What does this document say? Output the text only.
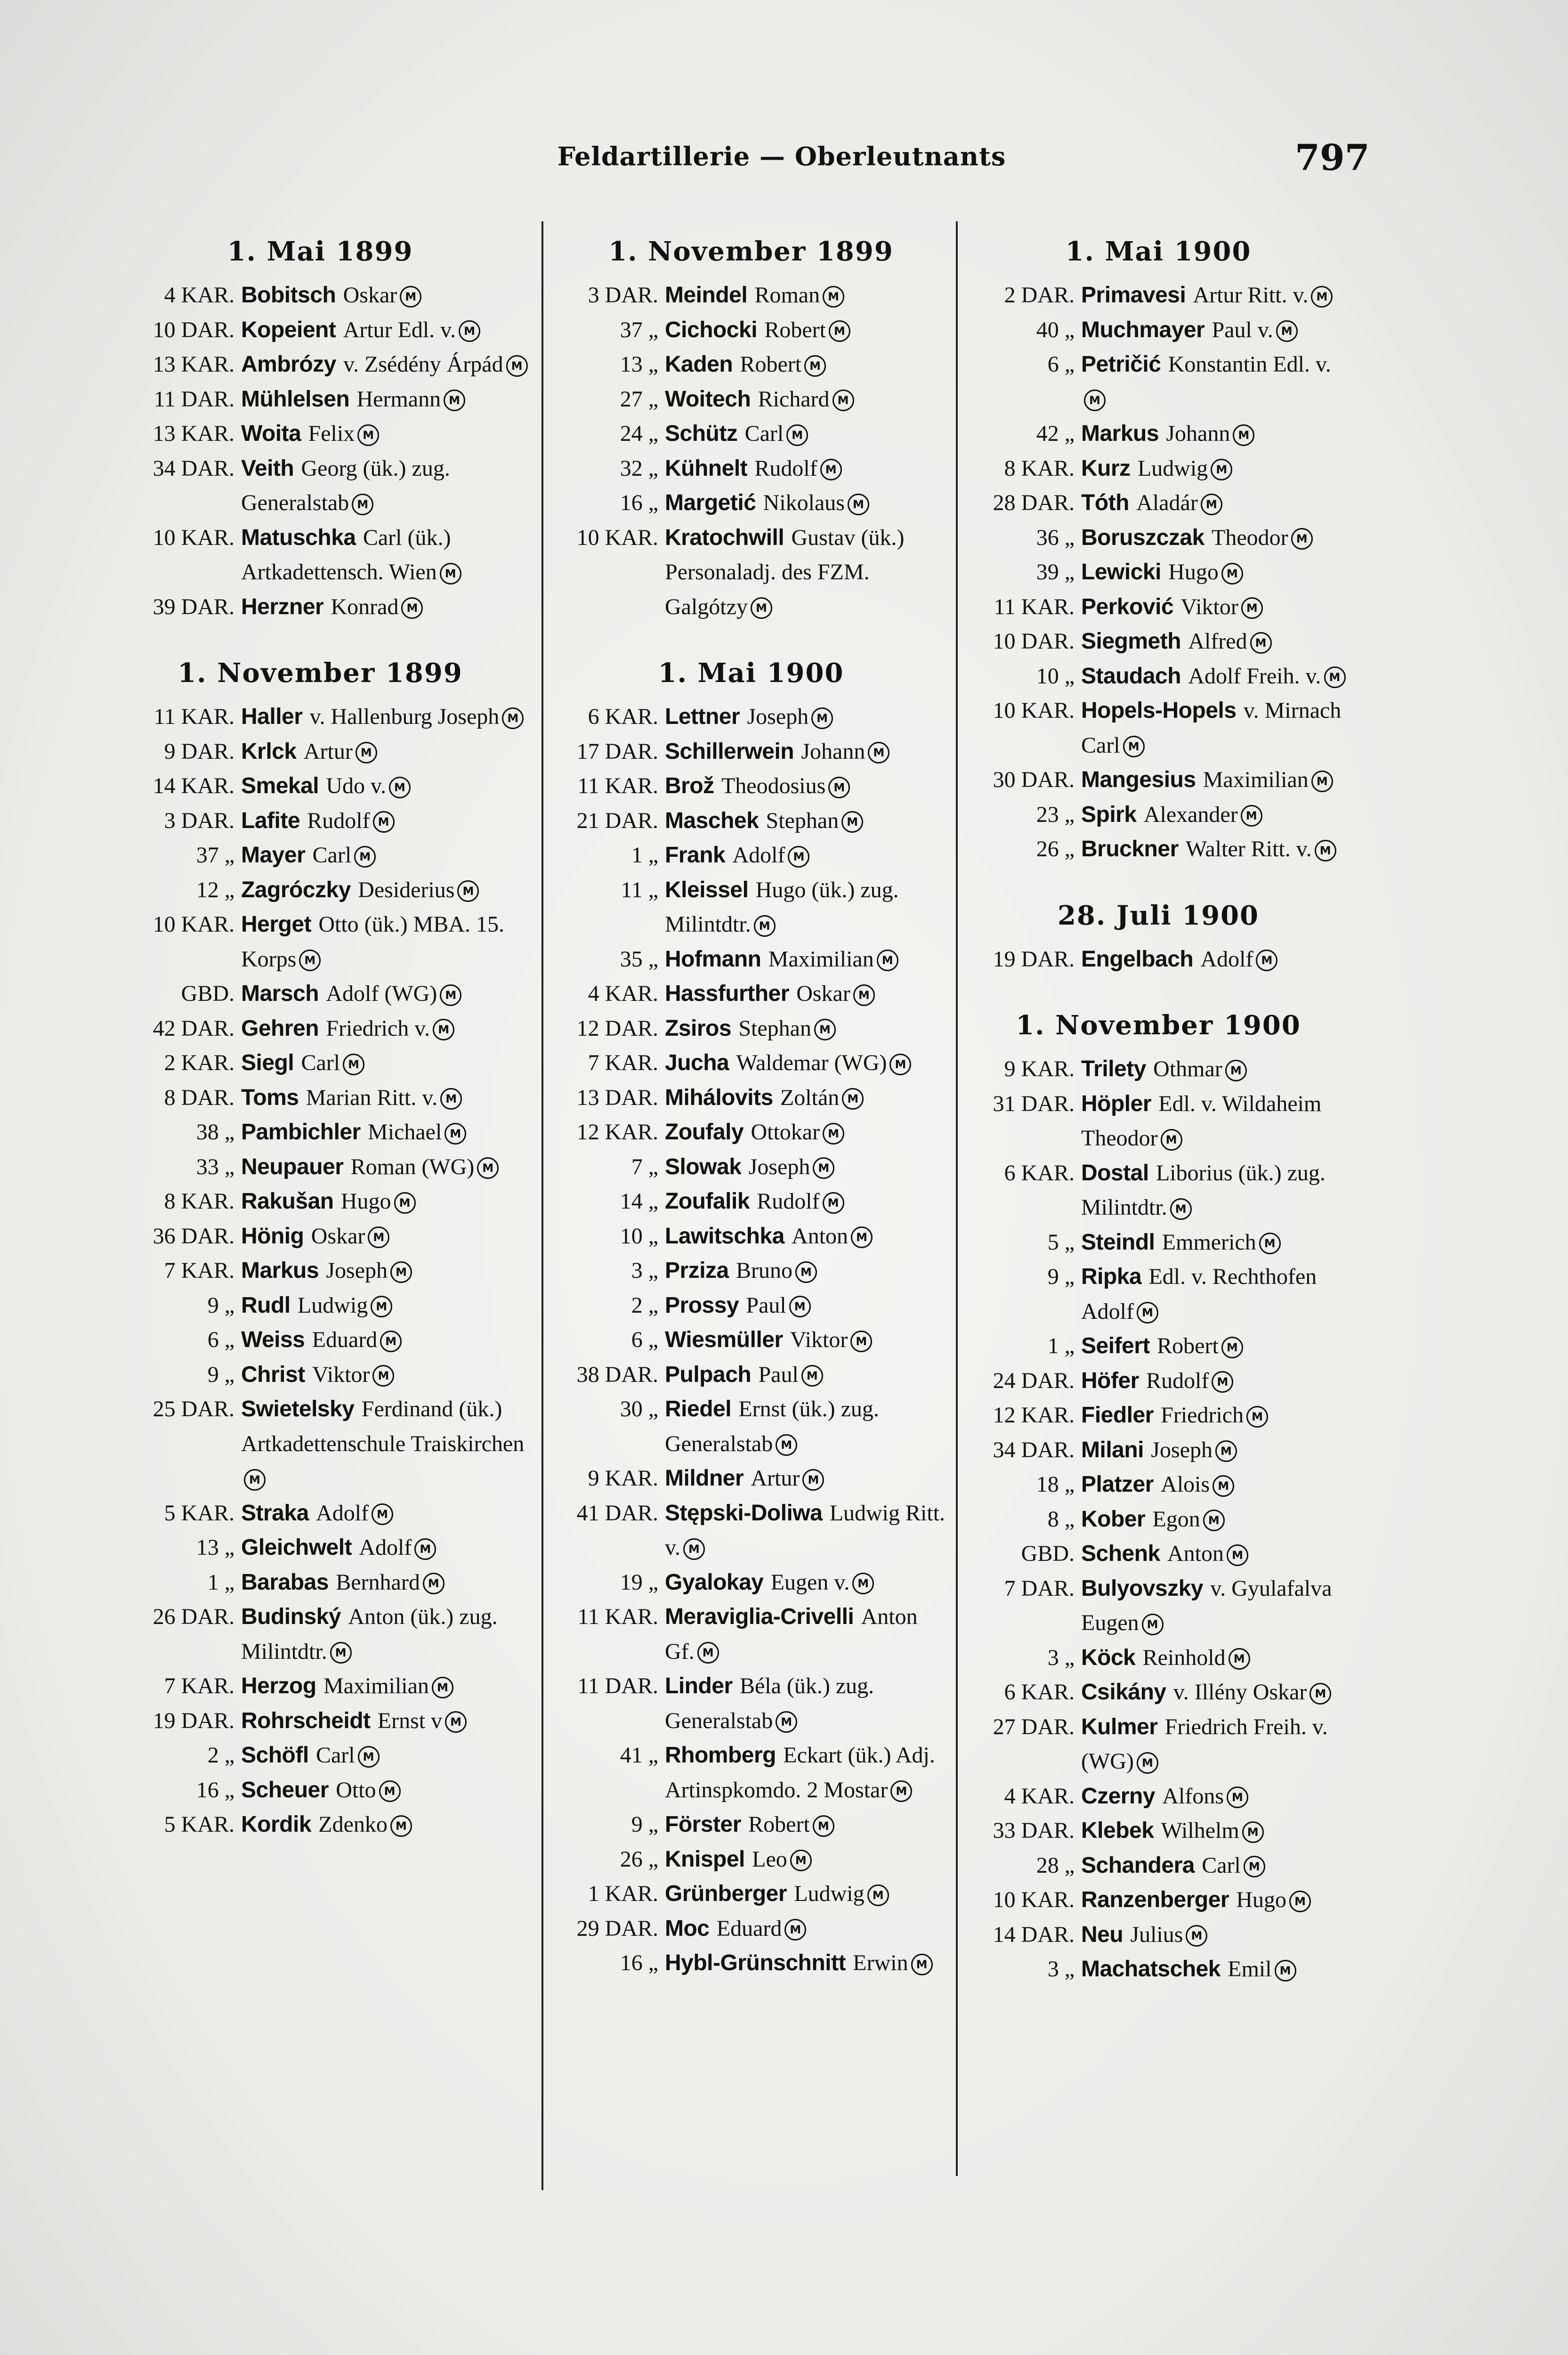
Feldartillerie — Oberleutnants	797
1. Mai 1899
4 KAR. Bobitsch Oskar M
10 DAR. Kopeient Artur Edl. v. M
13 KAR. Ambrózy v. Zsédény Árpád M
11 DAR. Mühlelsen Hermann M
13 KAR. Woita Felix M
34 DAR. Veith Georg (ük.) zug. Generalstab M
10 KAR. Matuschka Carl (ük.) Artkadettensch. Wien M
39 DAR. Herzner Konrad M
1. November 1899
11 KAR. Haller v. Hallenburg Joseph M
9 DAR. Krlck Artur M
14 KAR. Smekal Udo v. M
3 DAR. Lafite Rudolf M
37 „ Mayer Carl M
12 „ Zagróczky Desiderius M
10 KAR. Herget Otto (ük.) MBA. 15. Korps M
GBD. Marsch Adolf (WG) M
42 DAR. Gehren Friedrich v. M
2 KAR. Siegl Carl M
8 DAR. Toms Marian Ritt. v. M
38 „ Pambichler Michael M
33 „ Neupauer Roman (WG) M
8 KAR. Rakušan Hugo M
36 DAR. Hönig Oskar M
7 KAR. Markus Joseph M
9 „ Rudl Ludwig M
6 „ Weiss Eduard M
9 „ Christ Viktor M
25 DAR. Swietelsky Ferdinand (ük.) Artkadettenschule TraiskirchenM
5 KAR. Straka Adolf M
13 „ Gleichwelt Adolf M
1 „ Barabas Bernhard M
26 DAR. Budinský Anton (ük.) zug. Milintdtr. M
7 KAR. Herzog Maximilian M
19 DAR. Rohrscheidt Ernst v M
2 „ Schöfl Carl M
16 „ Scheuer Otto M
5 KAR. Kordik Zdenko M
1. November 1899
3 DAR. Meindel Roman M
37 „ Cichocki Robert M
13 „ Kaden Robert M
27 „ Woitech Richard M
24 „ Schütz Carl M
32 „ Kühnelt Rudolf M
16 „ Margetić Nikolaus M
10 KAR. Kratochwill Gustav (ük.) Personaladj. des FZM. Galgótzy M
1. Mai 1900
6 KAR. Lettner Joseph M
17 DAR. Schillerwein Johann M
11 KAR. Brož Theodosius M
21 DAR. Maschek Stephan M
1 „ Frank Adolf M
11 „ Kleissel Hugo (ük.) zug. Milintdtr. M
35 „ Hofmann Maximilian M
4 KAR. Hassfurther Oskar M
12 DAR. Zsiros Stephan M
7 KAR. Jucha Waldemar (WG) M
13 DAR. Mihálovits Zoltán M
12 KAR. Zoufaly Ottokar M
7 „ Slowak Joseph M
14 „ Zoufalik Rudolf M
10 „ Lawitschka Anton M
3 „ Prziza Bruno M
2 „ Prossy Paul M
6 „ Wiesmüller Viktor M
38 DAR. Pulpach Paul M
30 „ Riedel Ernst (ük.) zug. Generalstab M
9 KAR. Mildner Artur M
41 DAR. Stępski-Doliwa Ludwig Ritt. v. M
19 „ Gyalokay Eugen v. M
11 KAR. Meraviglia-Crivelli Anton Gf. M
11 DAR. Linder Béla (ük.) zug. Generalstab M
41 „ Rhomberg Eckart (ük.) Adj. Artinspkomdo. 2 Mostar M
9 „ Förster Robert M
26 „ Knispel Leo M
1 KAR. Grünberger Ludwig M
29 DAR. Moc Eduard M
16 „ Hybl-Grünschnitt Erwin M
1. Mai 1900
2 DAR. Primavesi Artur Ritt. v. M
40 „ Muchmayer Paul v. M
6 „ Petričić Konstantin Edl. v.M
42 „ Markus Johann M
8 KAR. Kurz Ludwig M
28 DAR. Tóth Aladár M
36 „ Boruszczak Theodor M
39 „ Lewicki Hugo M
11 KAR. Perković Viktor M
10 DAR. Siegmeth Alfred M
10 „ Staudach Adolf Freih. v. M
10 KAR. Hopels-Hopels v. Mirnach Carl M
30 DAR. Mangesius Maximilian M
23 „ Spirk Alexander M
26 „ Bruckner Walter Ritt. v. M
28. Juli 1900
19 DAR. Engelbach Adolf M
1. November 1900
9 KAR. Trilety Othmar M
31 DAR. Höpler Edl. v. Wildaheim Theodor M
6 KAR. Dostal Liborius (ük.) zug. Milintdtr. M
5 „ Steindl Emmerich M
9 „ Ripka Edl. v. Rechthofen Adolf M
1 „ Seifert Robert M
24 DAR. Höfer Rudolf M
12 KAR. Fiedler Friedrich M
34 DAR. Milani Joseph M
18 „ Platzer Alois M
8 „ Kober Egon M
GBD. Schenk Anton M
7 DAR. Bulyovszky v. Gyulafalva Eugen M
3 „ Köck Reinhold M
6 KAR. Csikány v. Illény Oskar M
27 DAR. Kulmer Friedrich Freih. v. (WG) M
4 KAR. Czerny Alfons M
33 DAR. Klebek Wilhelm M
28 „ Schandera Carl M
10 KAR. Ranzenberger Hugo M
14 DAR. Neu Julius M
3 „ Machatschek Emil M
